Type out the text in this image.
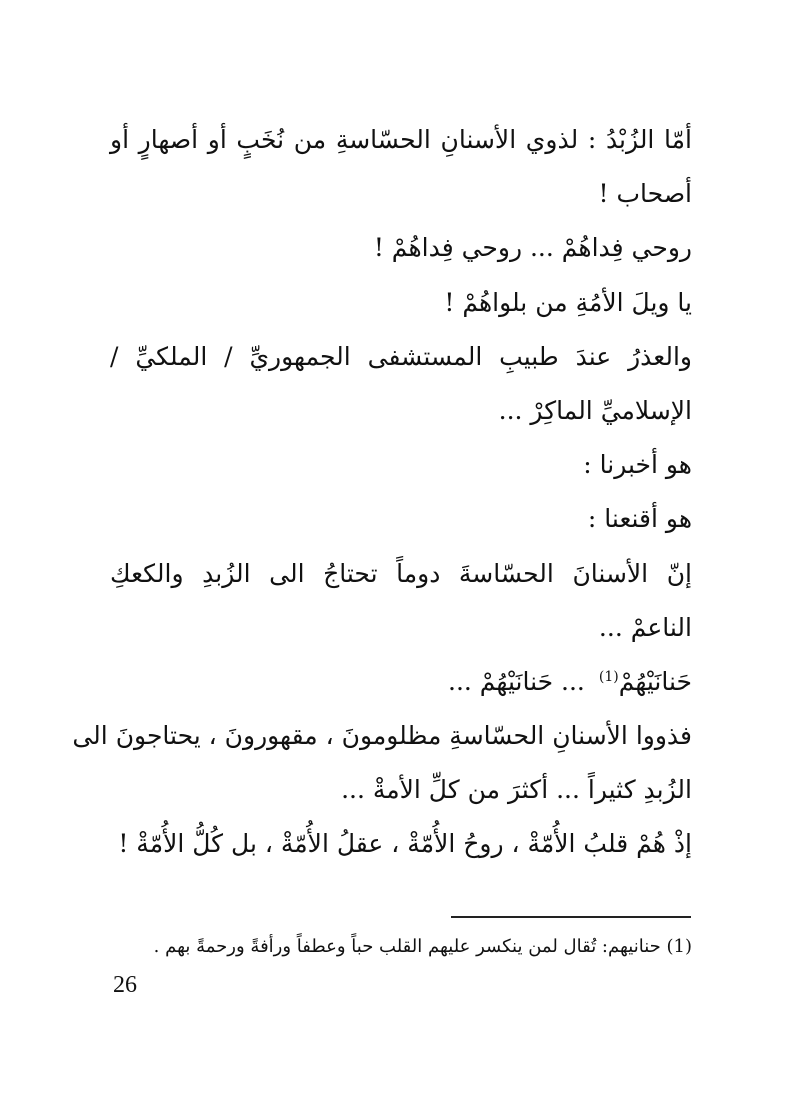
أمّا الزُبْدُ : لذوي الأسنانِ الحسّاسةِ من نُخَبٍ أو أصهارٍ أو
أصحاب !
روحي فِداهُمْ ... روحي فِداهُمْ !
يا ويلَ الأمُةِ من بلواهُمْ !
والعذرُ عندَ طبيبِ المستشفى الجمهوريِّ / الملكيِّ /
الإسلاميِّ الماكِرْ ...
هو أخبرنا :
هو أقنعنا :
إنّ الأسنانَ الحسّاسةَ دوماً تحتاجُ الى الزُبدِ والكعكِ
الناعمْ ...
حَنانَيْهُمْ$^{(1)}$... حَنانَيْهُمْ ...
فذووا الأسنانِ الحسّاسةِ مظلومونَ ، مقهورونَ ، يحتاجونَ الى
الزُبدِ كثيراً ... أكثرَ من كلِّ الأمةْ ...
إذْ هُمْ قلبُ الأُمّةْ ، روحُ الأُمّةْ ، عقلُ الأُمّةْ ، بل كُلُّ الأُمّةْ !
(1) حنانيهم: تُقال لمن ينكسر عليهم القلب حباً وعطفاً ورأفةً ورحمةً بهم .
26
